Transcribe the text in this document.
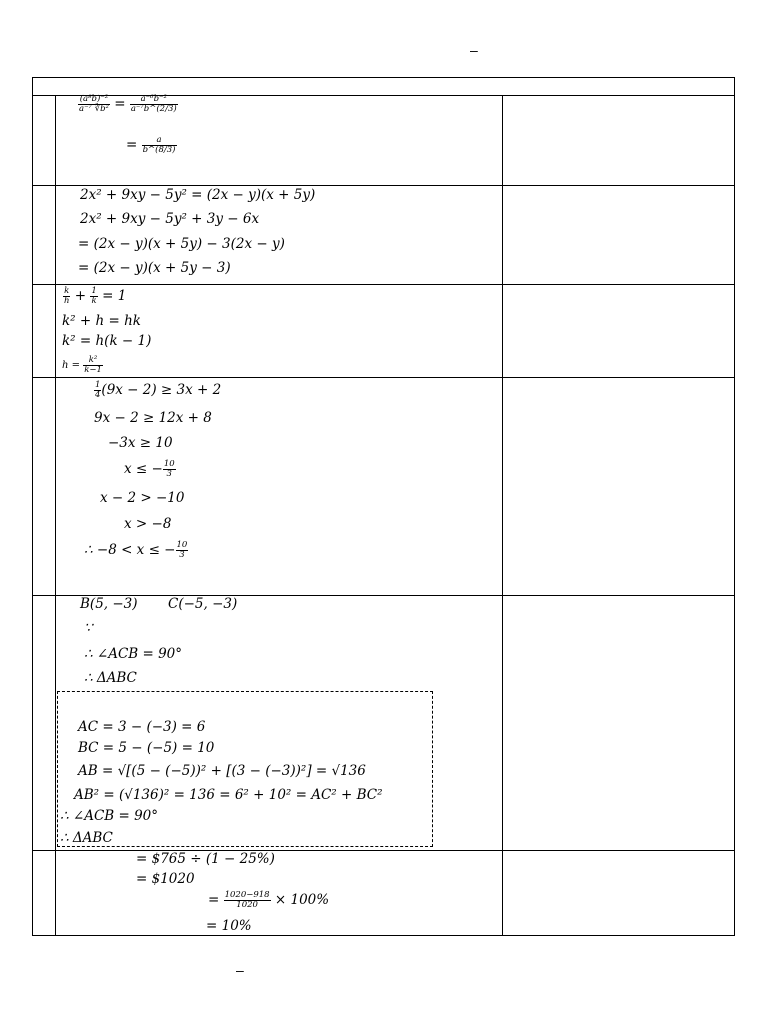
–
$\frac{\text{(a⁸b)⁻²}}{\text{a⁻⁷ ∛b²}} = \frac{\text{a⁻⁶b⁻²}}{\text{a⁻⁷b\textasciicircum{}(2/3)}}$
= $\frac{a}{b\^{}(8/3)}$
2x² + 9xy − 5y² = (2x − y)(x + 5y)
2x² + 9xy − 5y² + 3y − 6x
= (2x − y)(x + 5y) − 3(2x − y)
= (2x − y)(x + 5y − 3)
$\frac{k}{h} + \frac{1}{k} = 1$
k² + h = hk
k² = h(k − 1)
$h = \frac{\text{k²}}{k-1}$
$\frac{1}{4} (9x - 2) \ge 3x + 2$
9x − 2 ≥ 12x + 8
−3x ≥ 10
x ≤ − $\frac{10}{3}$
x − 2 > −10
x > −8
∴ −8 < x ≤ − $\frac{10}{3}$
B(5, −3) C(−5, −3)
∵
∴ ∠ACB = 90°
∴ ΔABC
AC = 3 − (−3) = 6
BC = 5 − (−5) = 10
AB = √[(5 − (−5))² + [(3 − (−3))²] = √136
AB² = (√136)² = 136 = 6² + 10² = AC² + BC²
∴ ∠ACB = 90°
∴ ΔABC
= $765 ÷ (1 − 25%)
= $1020
= $\frac{1020-918}{1020} \times 100\%$
= 10%
–
